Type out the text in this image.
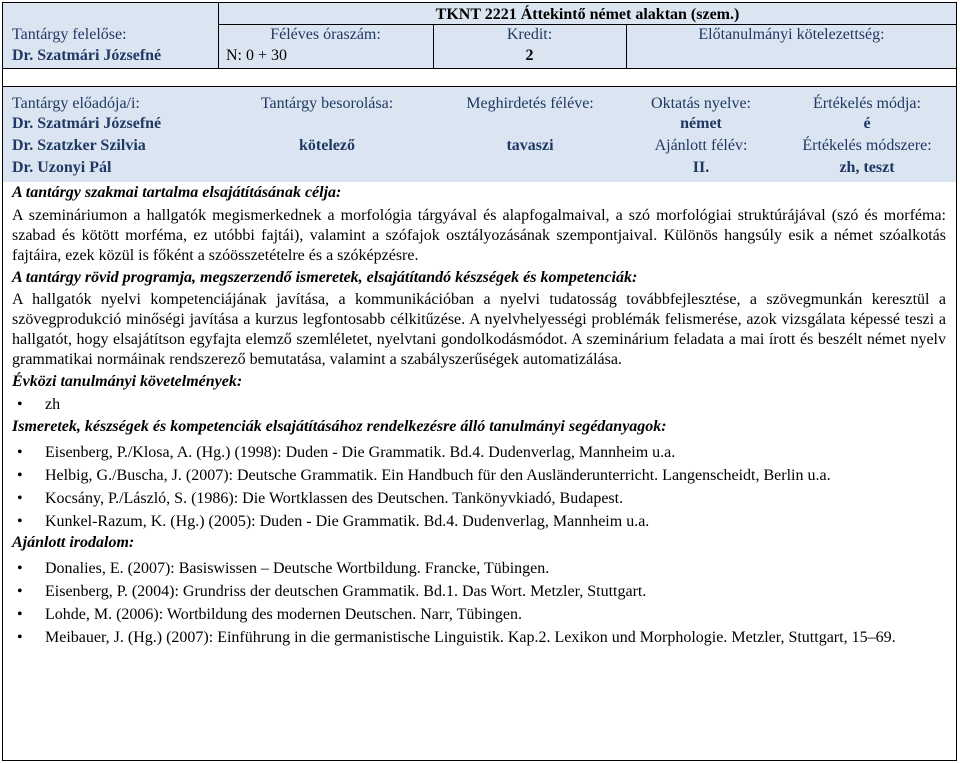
TKNT 2221 Áttekintő német alaktan (szem.)
Tantárgy felelőse:
Dr. Szatmári Józsefné
Féléves óraszám:
N: 0 + 30
Kredit:
2
Előtanulmányi kötelezettség:
Tantárgy előadója/i:
Dr. Szatmári Józsefné
Dr. Szatzker Szilvia
Dr. Uzonyi Pál
Tantárgy besorolása:
kötelező
Meghirdetés féléve:
tavaszi
Oktatás nyelve:
német
Ajánlott félév:
II.
Értékelés módja:
é
Értékelés módszere:
zh, teszt

A tantárgy szakmai tartalma elsajátításának célja:

A szemináriumon a hallgatók megismerkednek a morfológia tárgyával és alapfogalmaival, a szó morfológiai struktúrájával (szó és morféma: szabad és kötött morféma, ez utóbbi fajtái), valamint a szófajok osztályozásának szempontjaival. Különös hangsúly esik a német szóalkotás fajtáira, ezek közül is főként a szóösszetételre és a szóképzésre.

A tantárgy rövid programja, megszerzendő ismeretek, elsajátítandó készségek és kompetenciák:

A hallgatók nyelvi kompetenciájának javítása, a kommunikációban a nyelvi tudatosság továbbfejlesztése, a szövegmunkán keresztül a szövegprodukció minőségi javítása a kurzus legfontosabb célkitűzése. A nyelvhelyességi problémák felismerése, azok vizsgálata képessé teszi a hallgatót, hogy elsajátítson egyfajta elemző szemléletet, nyelvtani gondolkodásmódot. A szeminárium feladata a mai írott és beszélt német nyelv grammatikai normáinak rendszerező bemutatása, valamint a szabályszerűségek automatizálása.

Évközi tanulmányi követelmények:

• zh

Ismeretek, készségek és kompetenciák elsajátításához rendelkezésre álló tanulmányi segédanyagok:

• Eisenberg, P./Klosa, A. (Hg.) (1998): Duden - Die Grammatik. Bd.4. Dudenverlag, Mannheim u.a.
• Helbig, G./Buscha, J. (2007): Deutsche Grammatik. Ein Handbuch für den Ausländerunterricht. Langenscheidt, Berlin u.a.
• Kocsány, P./László, S. (1986): Die Wortklassen des Deutschen. Tankönyvkiadó, Budapest.
• Kunkel-Razum, K. (Hg.) (2005): Duden - Die Grammatik. Bd.4. Dudenverlag, Mannheim u.a.

Ajánlott irodalom:

• Donalies, E. (2007): Basiswissen – Deutsche Wortbildung. Francke, Tübingen.
• Eisenberg, P. (2004): Grundriss der deutschen Grammatik. Bd.1. Das Wort. Metzler, Stuttgart.
• Lohde, M. (2006): Wortbildung des modernen Deutschen. Narr, Tübingen.
• Meibauer, J. (Hg.) (2007): Einführung in die germanistische Linguistik. Kap.2. Lexikon und Morphologie. Metzler, Stuttgart, 15–69.
